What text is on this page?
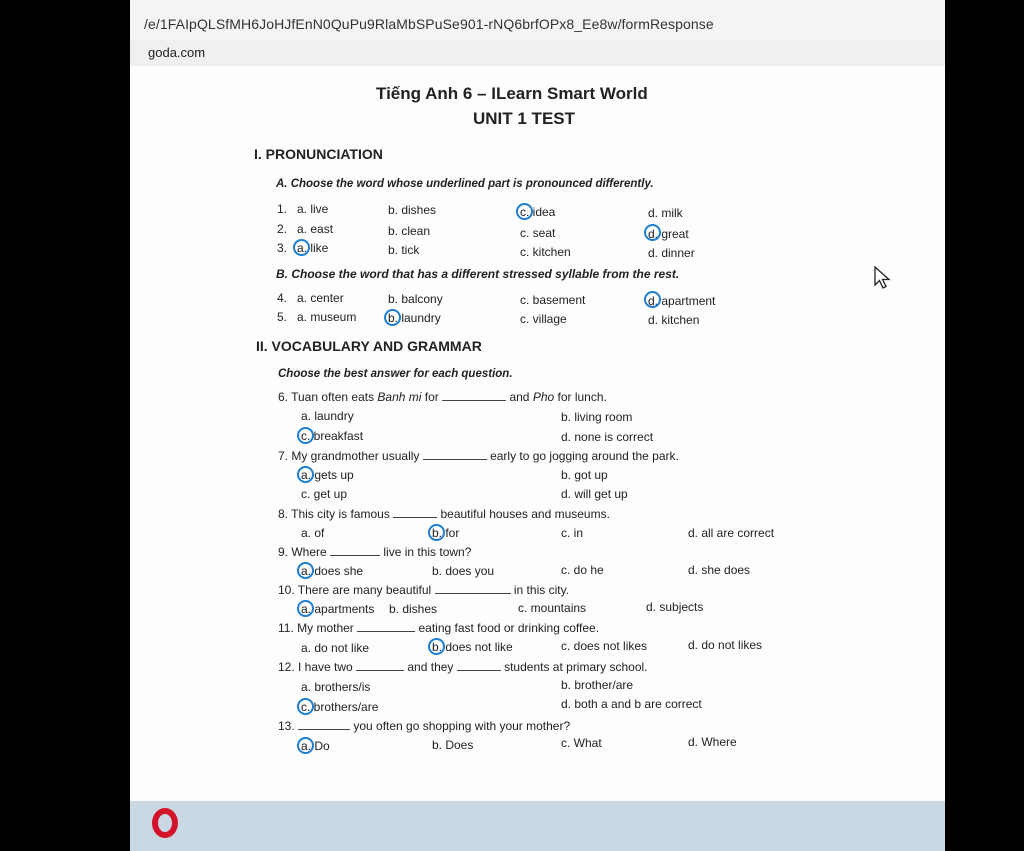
/e/1FAIpQLSfMH6JoHJfEnN0QuPu9RlaMbSPuSe901-rNQ6brfOPx8_Ee8w/formResponse
goda.com
Tiếng Anh 6 – ILearn Smart World
UNIT 1 TEST
I. PRONUNCIATION
A. Choose the word whose underlined part is pronounced differently.
1. a. live	b. dishes	c. idea	d. milk
2. a. east	b. clean	c. seat	d. great
3. a. like	b. tick	c. kitchen	d. dinner
B. Choose the word that has a different stressed syllable from the rest.
4. a. center	b. balcony	c. basement	d. apartment
5. a. museum	b. laundry	c. village	d. kitchen
II. VOCABULARY AND GRAMMAR
Choose the best answer for each question.
6. Tuan often eats Banh mi for	and Pho for lunch.
a. laundry	b. living room
c. breakfast	d. none is correct
7. My grandmother usually	early to go jogging around the park.
a. gets up	b. got up
c. get up	d. will get up
8. This city is famous	beautiful houses and museums.
a. of	b. for	c. in	d. all are correct
9. Where	live in this town?
a. does she	b. does you	c. do he	d. she does
10. There are many beautiful	in this city.
a. apartments b. dishes	c. mountains	d. subjects
11. My mother	eating fast food or drinking coffee.
a. do not like	b. does not like	c. does not likes	d. do not likes
12. I have two	and they	students at primary school.
a. brothers/is	b. brother/are
c. brothers/are	d. both a and b are correct
13.	you often go shopping with your mother?
a. Do	b. Does	c. What	d. Where
